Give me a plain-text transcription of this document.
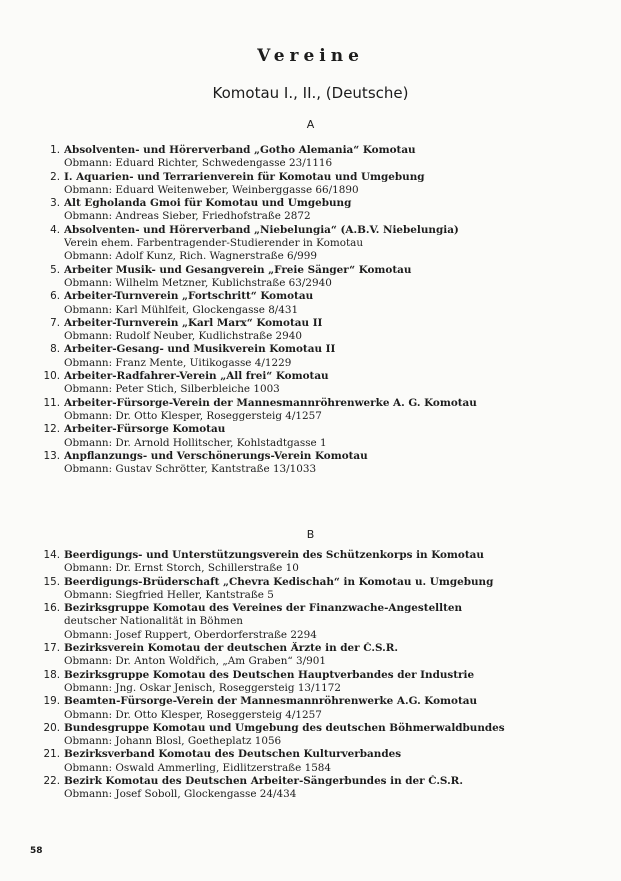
Vereine
Komotau I., II., (Deutsche)
A
1. Absolventen- und Hörerverband „Gotho Alemania“ Komotau
Obmann: Eduard Richter, Schwedengasse 23/1116
2. I. Aquarien- und Terrarienverein für Komotau und Umgebung
Obmann: Eduard Weitenweber, Weinberggasse 66/1890
3. Alt Egholanda Gmoi für Komotau und Umgebung
Obmann: Andreas Sieber, Friedhofstraße 2872
4. Absolventen- und Hörerverband „Niebelungia“ (A.B.V. Niebelungia)
Verein ehem. Farbentragender-Studierender in Komotau
Obmann: Adolf Kunz, Rich. Wagnerstraße 6/999
5. Arbeiter Musik- und Gesangverein „Freie Sänger“ Komotau
Obmann: Wilhelm Metzner, Kublichstraße 63/2940
6. Arbeiter-Turnverein „Fortschritt“ Komotau
Obmann: Karl Mühlfeit, Glockengasse 8/431
7. Arbeiter-Turnverein „Karl Marx“ Komotau II
Obmann: Rudolf Neuber, Kudlichstraße 2940
8. Arbeiter-Gesang- und Musikverein Komotau II
Obmann: Franz Mente, Uitikogasse 4/1229
10. Arbeiter-Radfahrer-Verein „All frei“ Komotau
Obmann: Peter Stich, Silberbleiche 1003
11. Arbeiter-Fürsorge-Verein der Mannesmannröhrenwerke A. G. Komotau
Obmann: Dr. Otto Klesper, Roseggersteig 4/1257
12. Arbeiter-Fürsorge Komotau
Obmann: Dr. Arnold Hollitscher, Kohlstadtgasse 1
13. Anpflanzungs- und Verschönerungs-Verein Komotau
Obmann: Gustav Schrötter, Kantstraße 13/1033
B
14. Beerdigungs- und Unterstützungsverein des Schützenkorps in Komotau
Obmann: Dr. Ernst Storch, Schillerstraße 10
15. Beerdigungs-Brüderschaft „Chevra Kedischah“ in Komotau u. Umgebung
Obmann: Siegfried Heller, Kantstraße 5
16. Bezirksgruppe Komotau des Vereines der Finanzwache-Angestellten
deutscher Nationalität in Böhmen
Obmann: Josef Ruppert, Oberdorferstraße 2294
17. Bezirksverein Komotau der deutschen Ärzte in der Č.S.R.
Obmann: Dr. Anton Woldřich, „Am Graben“ 3/901
18. Bezirksgruppe Komotau des Deutschen Hauptverbandes der Industrie
Obmann: Jng. Oskar Jenisch, Roseggersteig 13/1172
19. Beamten-Fürsorge-Verein der Mannesmannröhrenwerke A.G. Komotau
Obmann: Dr. Otto Klesper, Roseggersteig 4/1257
20. Bundesgruppe Komotau und Umgebung des deutschen Böhmerwaldbundes
Obmann: Johann Blosl, Goetheplatz 1056
21. Bezirksverband Komotau des Deutschen Kulturverbandes
Obmann: Oswald Ammerling, Eidlitzerstraße 1584
22. Bezirk Komotau des Deutschen Arbeiter-Sängerbundes in der Č.S.R.
Obmann: Josef Soboll, Glockengasse 24/434
58
